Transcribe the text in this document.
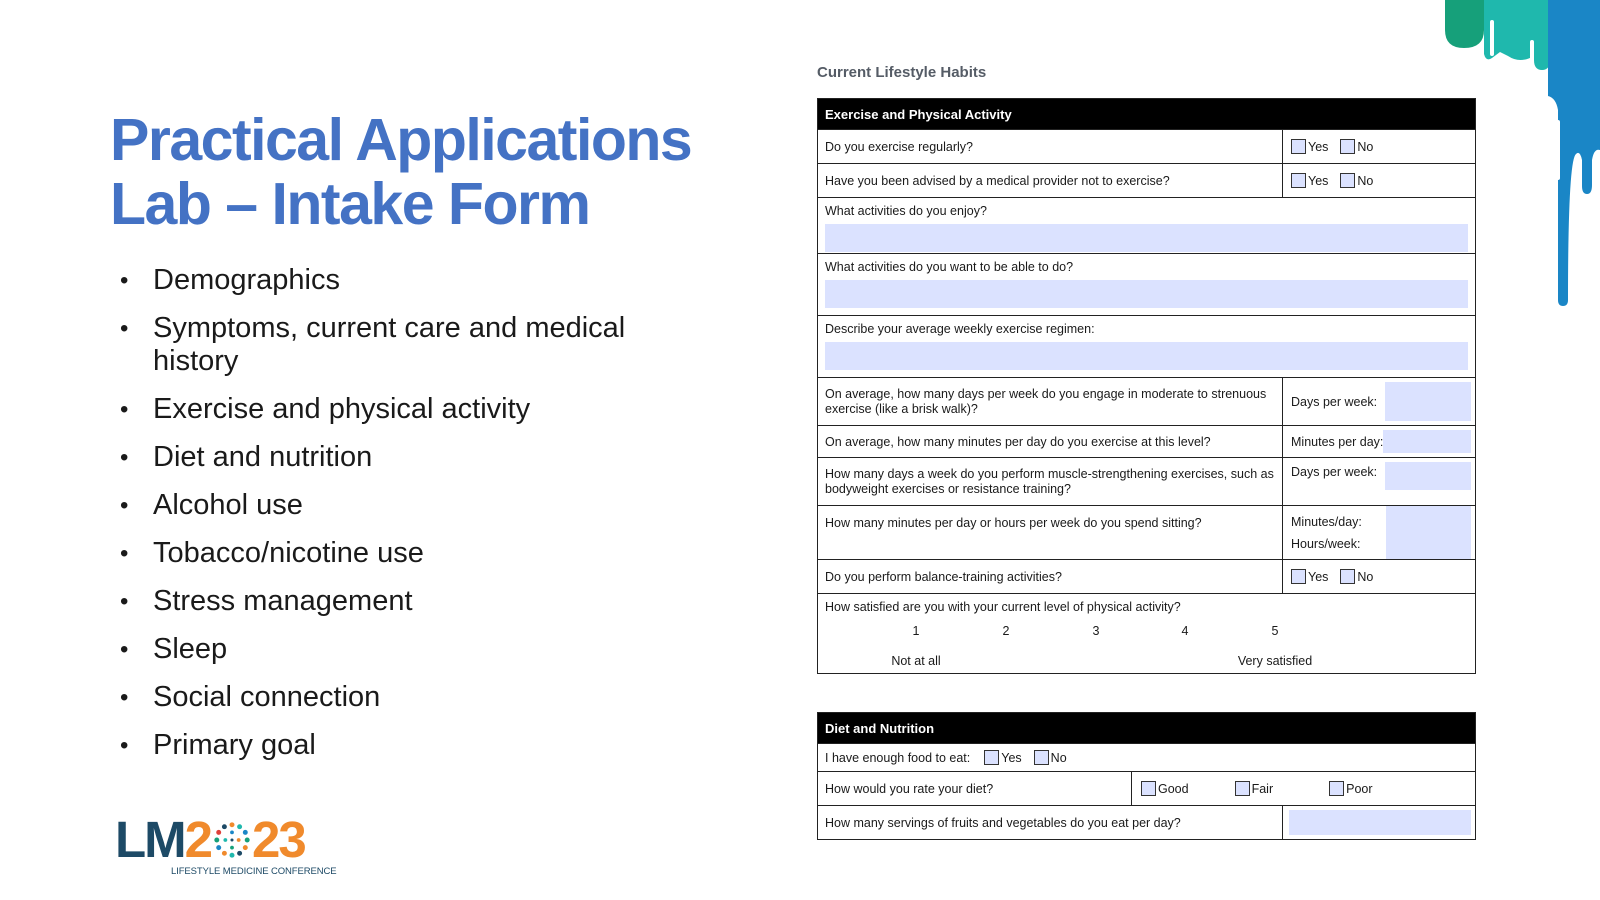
Practical Applications
Lab – Intake Form
• Demographics
• Symptoms, current care and medical history
• Exercise and physical activity
• Diet and nutrition
• Alcohol use
• Tobacco/nicotine use
• Stress management
• Sleep
• Social connection
• Primary goal
LM 2 23
LIFESTYLE MEDICINE CONFERENCE
Current Lifestyle Habits
Exercise and Physical Activity
Do you exercise regularly?	Yes No
Have you been advised by a medical provider not to exercise?	Yes No
What activities do you enjoy?
What activities do you want to be able to do?
Describe your average weekly exercise regimen:
On average, how many days per week do you engage in moderate to strenuous exercise (like a brisk walk)?	Days per week:
On average, how many minutes per day do you exercise at this level?	Minutes per day:
How many days a week do you perform muscle-strengthening exercises, such as bodyweight exercises or resistance training?
Days per week:
How many minutes per day or hours per week do you spend sitting?	Minutes/day:
Hours/week:
Do you perform balance-training activities?	Yes No
How satisfied are you with your current level of physical activity?
1	2	3	4	5
Not at all	Very satisfied
Diet and Nutrition
I have enough food to eat: Yes No
How would you rate your diet?	Good	Fair	Poor
How many servings of fruits and vegetables do you eat per day?
